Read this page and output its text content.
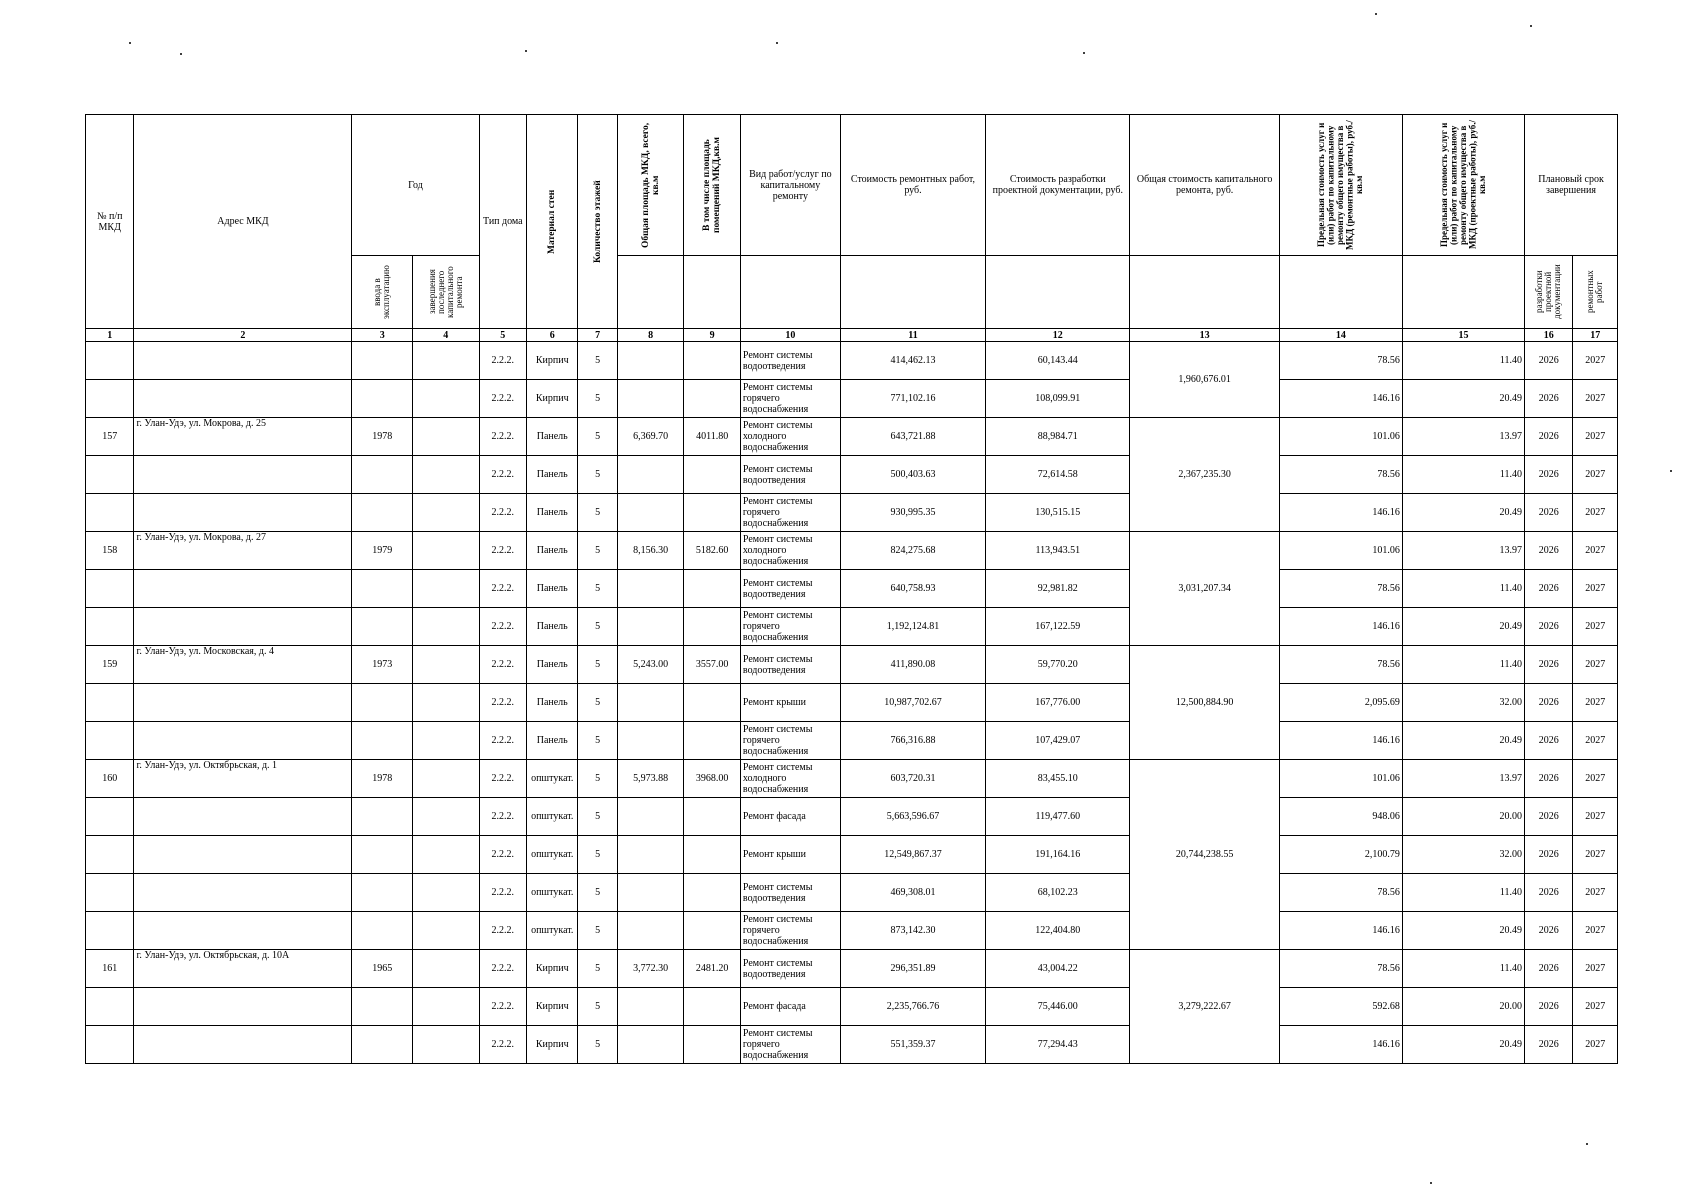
№ п/п МКД	Адрес МКД	Год		Тип дома	Материал стен	Количество этажей	Общая площадь МКД, всего, кв.м	В том числе площадь помещений МКД,кв.м	Вид работ/услуг по капитальному ремонту	Стоимость ремонтных работ, руб.	Стоимость разработки проектной документации, руб.	Общая стоимость капитального ремонта, руб.	Предельная стоимость услуг и (или) работ по капитальному ремонту общего имущества в МКД (ремонтные работы), руб./кв.м	Предельная стоимость услуг и (или) работ по капитальному ремонту общего имущества в МКД (проектные работы), руб./кв.м	Плановый срок завершения	

		ввода в эксплуатацию	завершения последнего капитального ремонта												разработки проектной документации	ремонтных работ

1	2	3	4	5	6	7	8	9	10	11	12	13	14	15	16	17
				2.2.2.	Кирпич	5			Ремонт системы водоотведения	414,462.13	60,143.44	1,960,676.01	78.56	11.40	2026	2027
				2.2.2.	Кирпич	5			Ремонт системы горячего водоснабжения	771,102.16	108,099.91		146.16	20.49	2026	2027
157	г. Улан-Удэ, ул. Мокрова, д. 25	1978		2.2.2.	Панель	5	6,369.70	4011.80	Ремонт системы холодного водоснабжения	643,721.88	88,984.71	2,367,235.30	101.06	13.97	2026	2027
				2.2.2.	Панель	5			Ремонт системы водоотведения	500,403.63	72,614.58		78.56	11.40	2026	2027
				2.2.2.	Панель	5			Ремонт системы горячего водоснабжения	930,995.35	130,515.15		146.16	20.49	2026	2027
158	г. Улан-Удэ, ул. Мокрова, д. 27	1979		2.2.2.	Панель	5	8,156.30	5182.60	Ремонт системы холодного водоснабжения	824,275.68	113,943.51	3,031,207.34	101.06	13.97	2026	2027
				2.2.2.	Панель	5			Ремонт системы водоотведения	640,758.93	92,981.82		78.56	11.40	2026	2027
				2.2.2.	Панель	5			Ремонт системы горячего водоснабжения	1,192,124.81	167,122.59		146.16	20.49	2026	2027
159	г. Улан-Удэ, ул. Московская, д. 4	1973		2.2.2.	Панель	5	5,243.00	3557.00	Ремонт системы водоотведения	411,890.08	59,770.20	12,500,884.90	78.56	11.40	2026	2027
				2.2.2.	Панель	5			Ремонт крыши	10,987,702.67	167,776.00		2,095.69	32.00	2026	2027
				2.2.2.	Панель	5			Ремонт системы горячего водоснабжения	766,316.88	107,429.07		146.16	20.49	2026	2027
160	г. Улан-Удэ, ул. Октябрьская, д. 1	1978		2.2.2.	општукат.	5	5,973.88	3968.00	Ремонт системы холодного водоснабжения	603,720.31	83,455.10	20,744,238.55	101.06	13.97	2026	2027
				2.2.2.	општукат.	5			Ремонт фасада	5,663,596.67	119,477.60		948.06	20.00	2026	2027
				2.2.2.	општукат.	5			Ремонт крыши	12,549,867.37	191,164.16		2,100.79	32.00	2026	2027
				2.2.2.	општукат.	5			Ремонт системы водоотведения	469,308.01	68,102.23		78.56	11.40	2026	2027
				2.2.2.	општукат.	5			Ремонт системы горячего водоснабжения	873,142.30	122,404.80		146.16	20.49	2026	2027
161	г. Улан-Удэ, ул. Октябрьская, д. 10А	1965		2.2.2.	Кирпич	5	3,772.30	2481.20	Ремонт системы водоотведения	296,351.89	43,004.22	3,279,222.67	78.56	11.40	2026	2027
				2.2.2.	Кирпич	5			Ремонт фасада	2,235,766.76	75,446.00		592.68	20.00	2026	2027
				2.2.2.	Кирпич	5			Ремонт системы горячего водоснабжения	551,359.37	77,294.43		146.16	20.49	2026	2027
